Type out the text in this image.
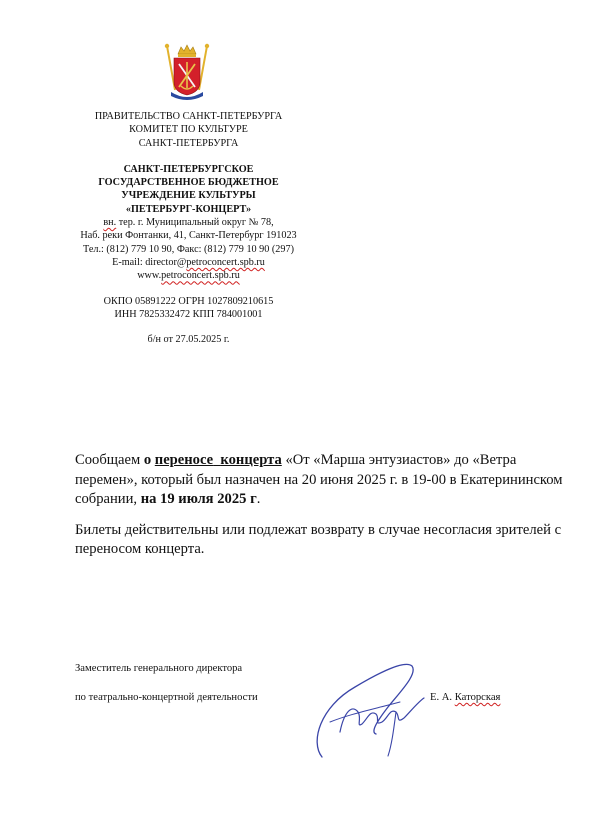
ПРАВИТЕЛЬСТВО САНКТ-ПЕТЕРБУРГА
КОМИТЕТ ПО КУЛЬТУРЕ
САНКТ-ПЕТЕРБУРГА
САНКТ-ПЕТЕРБУРГСКОЕ
ГОСУДАРСТВЕННОЕ БЮДЖЕТНОЕ
УЧРЕЖДЕНИЕ КУЛЬТУРЫ
«ПЕТЕРБУРГ-КОНЦЕРТ»
вн. тер. г. Муниципальный округ № 78,
Наб. реки Фонтанки, 41, Санкт-Петербург 191023
Тел.: (812) 779 10 90, Факс: (812) 779 10 90 (297)
E-mail: director@petroconcert.spb.ru
www.petroconcert.spb.ru
ОКПО 05891222 ОГРН 1027809210615
ИНН 7825332472 КПП 784001001
б/н от 27.05.2025 г.

Сообщаем о переносе концерта «От «Марша энтузиастов» до «Ветра перемен», который был назначен на 20 июня 2025 г. в 19-00 в Екатерининском собрании, на 19 июля 2025 г.

Билеты действительны или подлежат возврату в случае несогласия зрителей с переносом концерта.

Заместитель генерального директора
по театрально-концертной деятельности	Е. А. Каторская
